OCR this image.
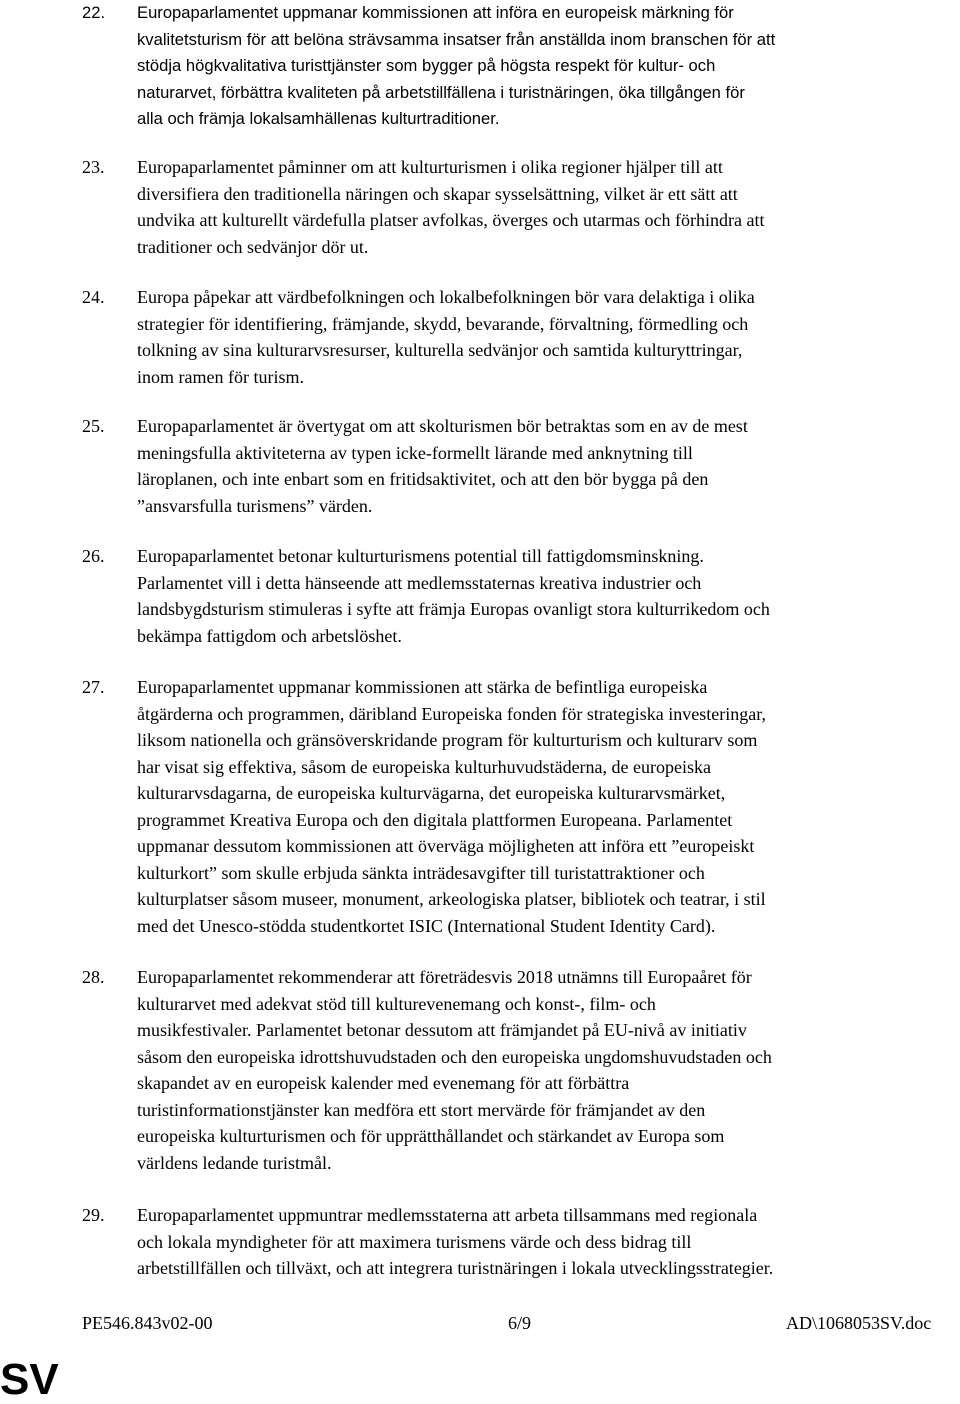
22. Europaparlamentet uppmanar kommissionen att införa en europeisk märkning för
kvalitetsturism för att belöna strävsamma insatser från anställda inom branschen för att
stödja högkvalitativa turisttjänster som bygger på högsta respekt för kultur- och
naturarvet, förbättra kvaliteten på arbetstillfällena i turistnäringen, öka tillgången för
alla och främja lokalsamhällenas kulturtraditioner.
23. Europaparlamentet påminner om att kulturturismen i olika regioner hjälper till att
diversifiera den traditionella näringen och skapar sysselsättning, vilket är ett sätt att
undvika att kulturellt värdefulla platser avfolkas, överges och utarmas och förhindra att
traditioner och sedvänjor dör ut.
24. Europa påpekar att värdbefolkningen och lokalbefolkningen bör vara delaktiga i olika
strategier för identifiering, främjande, skydd, bevarande, förvaltning, förmedling och
tolkning av sina kulturarvsresurser, kulturella sedvänjor och samtida kulturyttringar,
inom ramen för turism.
25. Europaparlamentet är övertygat om att skolturismen bör betraktas som en av de mest
meningsfulla aktiviteterna av typen icke-formellt lärande med anknytning till
läroplanen, och inte enbart som en fritidsaktivitet, och att den bör bygga på den
”ansvarsfulla turismens” värden.
26. Europaparlamentet betonar kulturturismens potential till fattigdomsminskning.
Parlamentet vill i detta hänseende att medlemsstaternas kreativa industrier och
landsbygdsturism stimuleras i syfte att främja Europas ovanligt stora kulturrikedom och
bekämpa fattigdom och arbetslöshet.
27. Europaparlamentet uppmanar kommissionen att stärka de befintliga europeiska
åtgärderna och programmen, däribland Europeiska fonden för strategiska investeringar,
liksom nationella och gränsöverskridande program för kulturturism och kulturarv som
har visat sig effektiva, såsom de europeiska kulturhuvudstäderna, de europeiska
kulturarvsdagarna, de europeiska kulturvägarna, det europeiska kulturarvsmärket,
programmet Kreativa Europa och den digitala plattformen Europeana. Parlamentet
uppmanar dessutom kommissionen att överväga möjligheten att införa ett ”europeiskt
kulturkort” som skulle erbjuda sänkta inträdesavgifter till turistattraktioner och
kulturplatser såsom museer, monument, arkeologiska platser, bibliotek och teatrar, i stil
med det Unesco-stödda studentkortet ISIC (International Student Identity Card).
28. Europaparlamentet rekommenderar att företrädesvis 2018 utnämns till Europaåret för
kulturarvet med adekvat stöd till kulturevenemang och konst-, film- och
musikfestivaler. Parlamentet betonar dessutom att främjandet på EU-nivå av initiativ
såsom den europeiska idrottshuvudstaden och den europeiska ungdomshuvudstaden och
skapandet av en europeisk kalender med evenemang för att förbättra
turistinformationstjänster kan medföra ett stort mervärde för främjandet av den
europeiska kulturturismen och för upprätthållandet och stärkandet av Europa som
världens ledande turistmål.
29. Europaparlamentet uppmuntrar medlemsstaterna att arbeta tillsammans med regionala
och lokala myndigheter för att maximera turismens värde och dess bidrag till
arbetstillfällen och tillväxt, och att integrera turistnäringen i lokala utvecklingsstrategier.
PE546.843v02-00	6/9	AD\1068053SV.doc
SV
